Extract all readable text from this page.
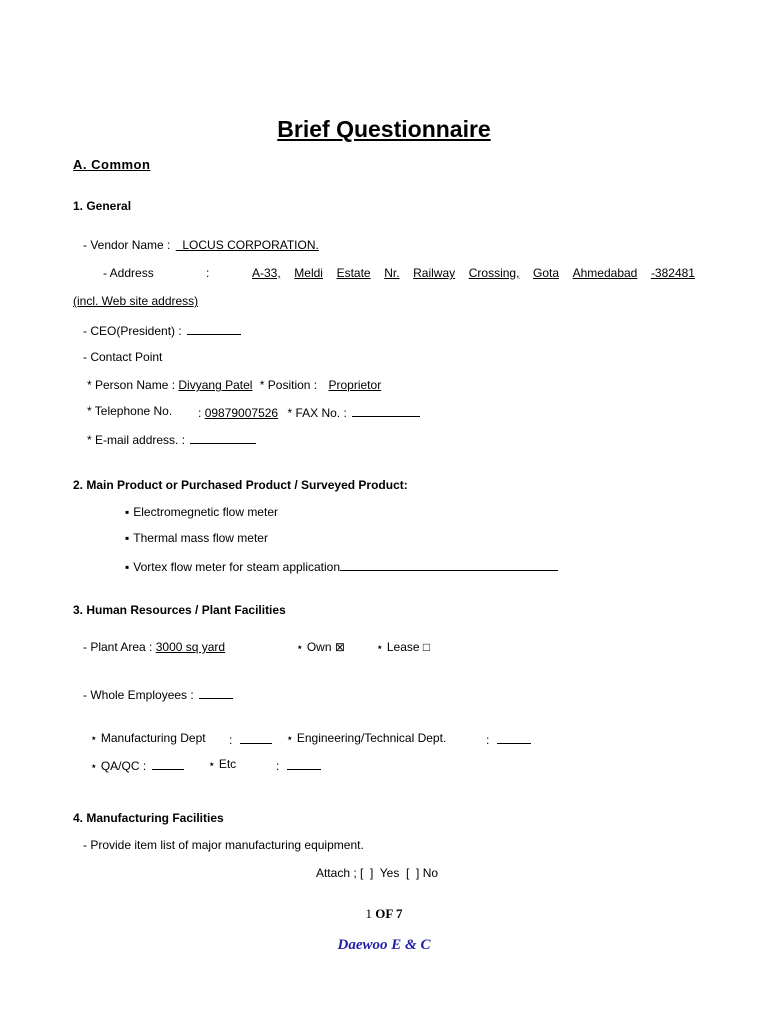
Brief Questionnaire
A. Common
1. General
- Vendor Name :   LOCUS CORPORATION.
- Address	:	A-33, Meldi Estate Nr. Railway Crossing, Gota Ahmedabad -382481
(incl. Web site address)
- CEO(President) :
- Contact Point
* Person Name : Divyang Patel * Position : Proprietor
* Telephone No. : 09879007526 * FAX No. :
* E-mail address. :
2. Main Product or Purchased Product / Surveyed Product:
▪ Electromegnetic flow meter
▪ Thermal mass flow meter
▪ Vortex flow meter for steam application
3. Human Resources / Plant Facilities
- Plant Area : 3000 sq yard	⋆ Own ⊠	⋆ Lease □
- Whole Employees :
⋆ Manufacturing Dept :	⋆ Engineering/Technical Dept.	:
⋆ QA/QC :	⋆ Etc	:
4. Manufacturing Facilities
- Provide item list of major manufacturing equipment.
Attach ; [  ]  Yes  [  ] No
1 OF 7
Daewoo E & C
